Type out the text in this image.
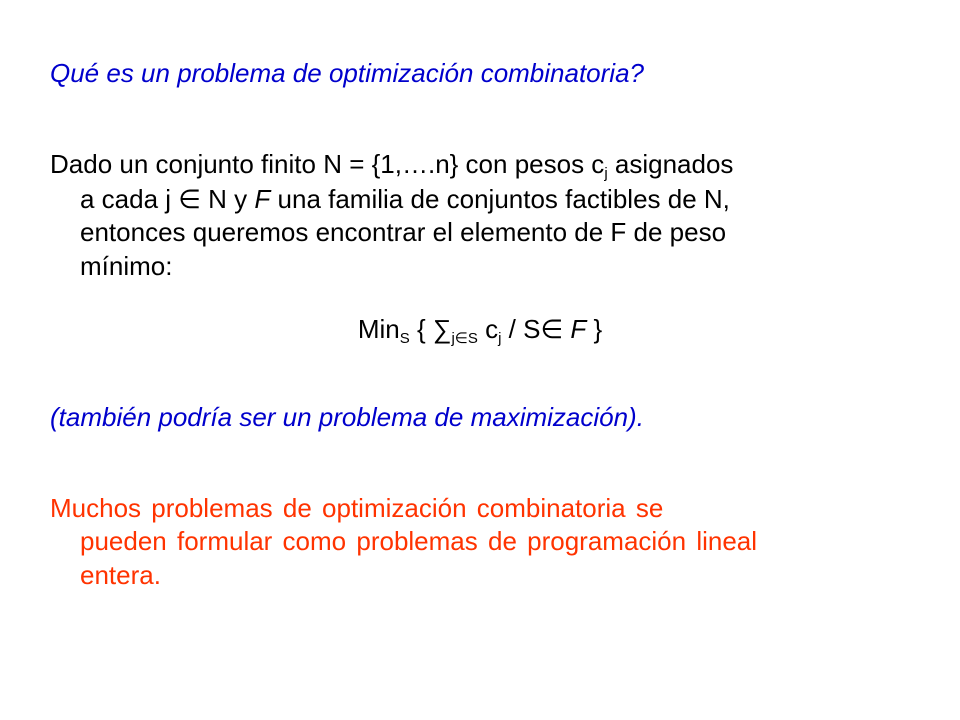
Qué es un problema de optimización combinatoria?
Dado un conjunto finito N = {1,….n} con pesos $c_j$ asignados
a cada j ∈ N y F una familia de conjuntos factibles de N,
entonces queremos encontrar el elemento de F de peso
mínimo:
Min$_S$ { $\sum_{j\in S}$ $c_j$ / S∈ F }
(también podría ser un problema de maximización).
Muchos problemas de optimización combinatoria se
pueden formular como problemas de programación lineal
entera.
